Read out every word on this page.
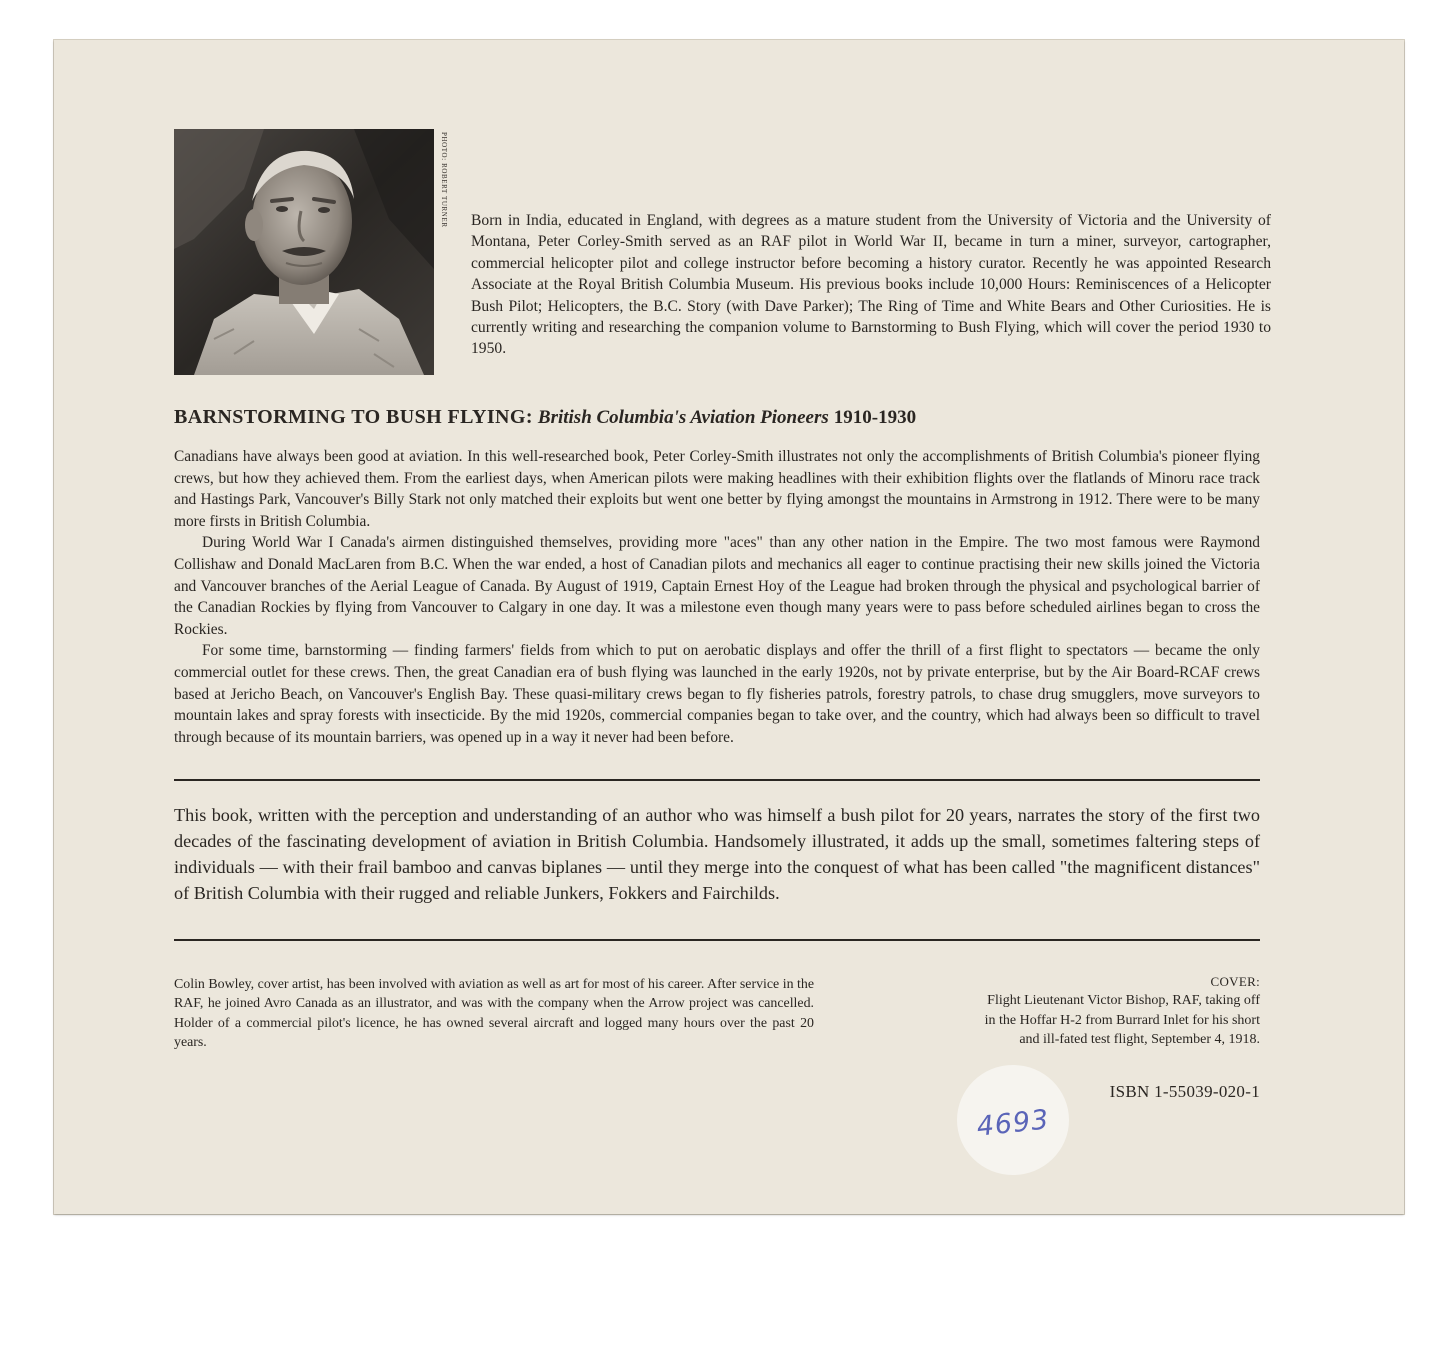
PHOTO: ROBERT TURNER Born in India, educated in England, with degrees as a mature student from the University of Victoria and the University of Montana, Peter Corley-Smith served as an RAF pilot in World War II, became in turn a miner, surveyor, cartographer, commercial helicopter pilot and college instructor before becoming a history curator. Recently he was appointed Research Associate at the Royal British Columbia Museum. His previous books include 10,000 Hours: Reminiscences of a Helicopter Bush Pilot; Helicopters, the B.C. Story (with Dave Parker); The Ring of Time and White Bears and Other Curiosities. He is currently writing and researching the companion volume to Barnstorming to Bush Flying, which will cover the period 1930 to 1950.

BARNSTORMING TO BUSH FLYING: British Columbia's Aviation Pioneers 1910-1930

Canadians have always been good at aviation. In this well-researched book, Peter Corley-Smith illustrates not only the accomplishments of British Columbia's pioneer flying crews, but how they achieved them. From the earliest days, when American pilots were making headlines with their exhibition flights over the flatlands of Minoru race track and Hastings Park, Vancouver's Billy Stark not only matched their exploits but went one better by flying amongst the mountains in Armstrong in 1912. There were to be many more firsts in British Columbia.

During World War I Canada's airmen distinguished themselves, providing more "aces" than any other nation in the Empire. The two most famous were Raymond Collishaw and Donald MacLaren from B.C. When the war ended, a host of Canadian pilots and mechanics all eager to continue practising their new skills joined the Victoria and Vancouver branches of the Aerial League of Canada. By August of 1919, Captain Ernest Hoy of the League had broken through the physical and psychological barrier of the Canadian Rockies by flying from Vancouver to Calgary in one day. It was a milestone even though many years were to pass before scheduled airlines began to cross the Rockies.

For some time, barnstorming — finding farmers' fields from which to put on aerobatic displays and offer the thrill of a first flight to spectators — became the only commercial outlet for these crews. Then, the great Canadian era of bush flying was launched in the early 1920s, not by private enterprise, but by the Air Board-RCAF crews based at Jericho Beach, on Vancouver's English Bay. These quasi-military crews began to fly fisheries patrols, forestry patrols, to chase drug smugglers, move surveyors to mountain lakes and spray forests with insecticide. By the mid 1920s, commercial companies began to take over, and the country, which had always been so difficult to travel through because of its mountain barriers, was opened up in a way it never had been before.

This book, written with the perception and understanding of an author who was himself a bush pilot for 20 years, narrates the story of the first two decades of the fascinating development of aviation in British Columbia. Handsomely illustrated, it adds up the small, sometimes faltering steps of individuals — with their frail bamboo and canvas biplanes — until they merge into the conquest of what has been called "the magnificent distances" of British Columbia with their rugged and reliable Junkers, Fokkers and Fairchilds.

Colin Bowley, cover artist, has been involved with aviation as well as art for most of his career. After service in the RAF, he joined Avro Canada as an illustrator, and was with the company when the Arrow project was cancelled. Holder of a commercial pilot's licence, he has owned several aircraft and logged many hours over the past 20 years.

COVER:
Flight Lieutenant Victor Bishop, RAF, taking off
in the Hoffar H-2 from Burrard Inlet for his short
and ill-fated test flight, September 4, 1918.
ISBN 1-55039-020-1
4693
